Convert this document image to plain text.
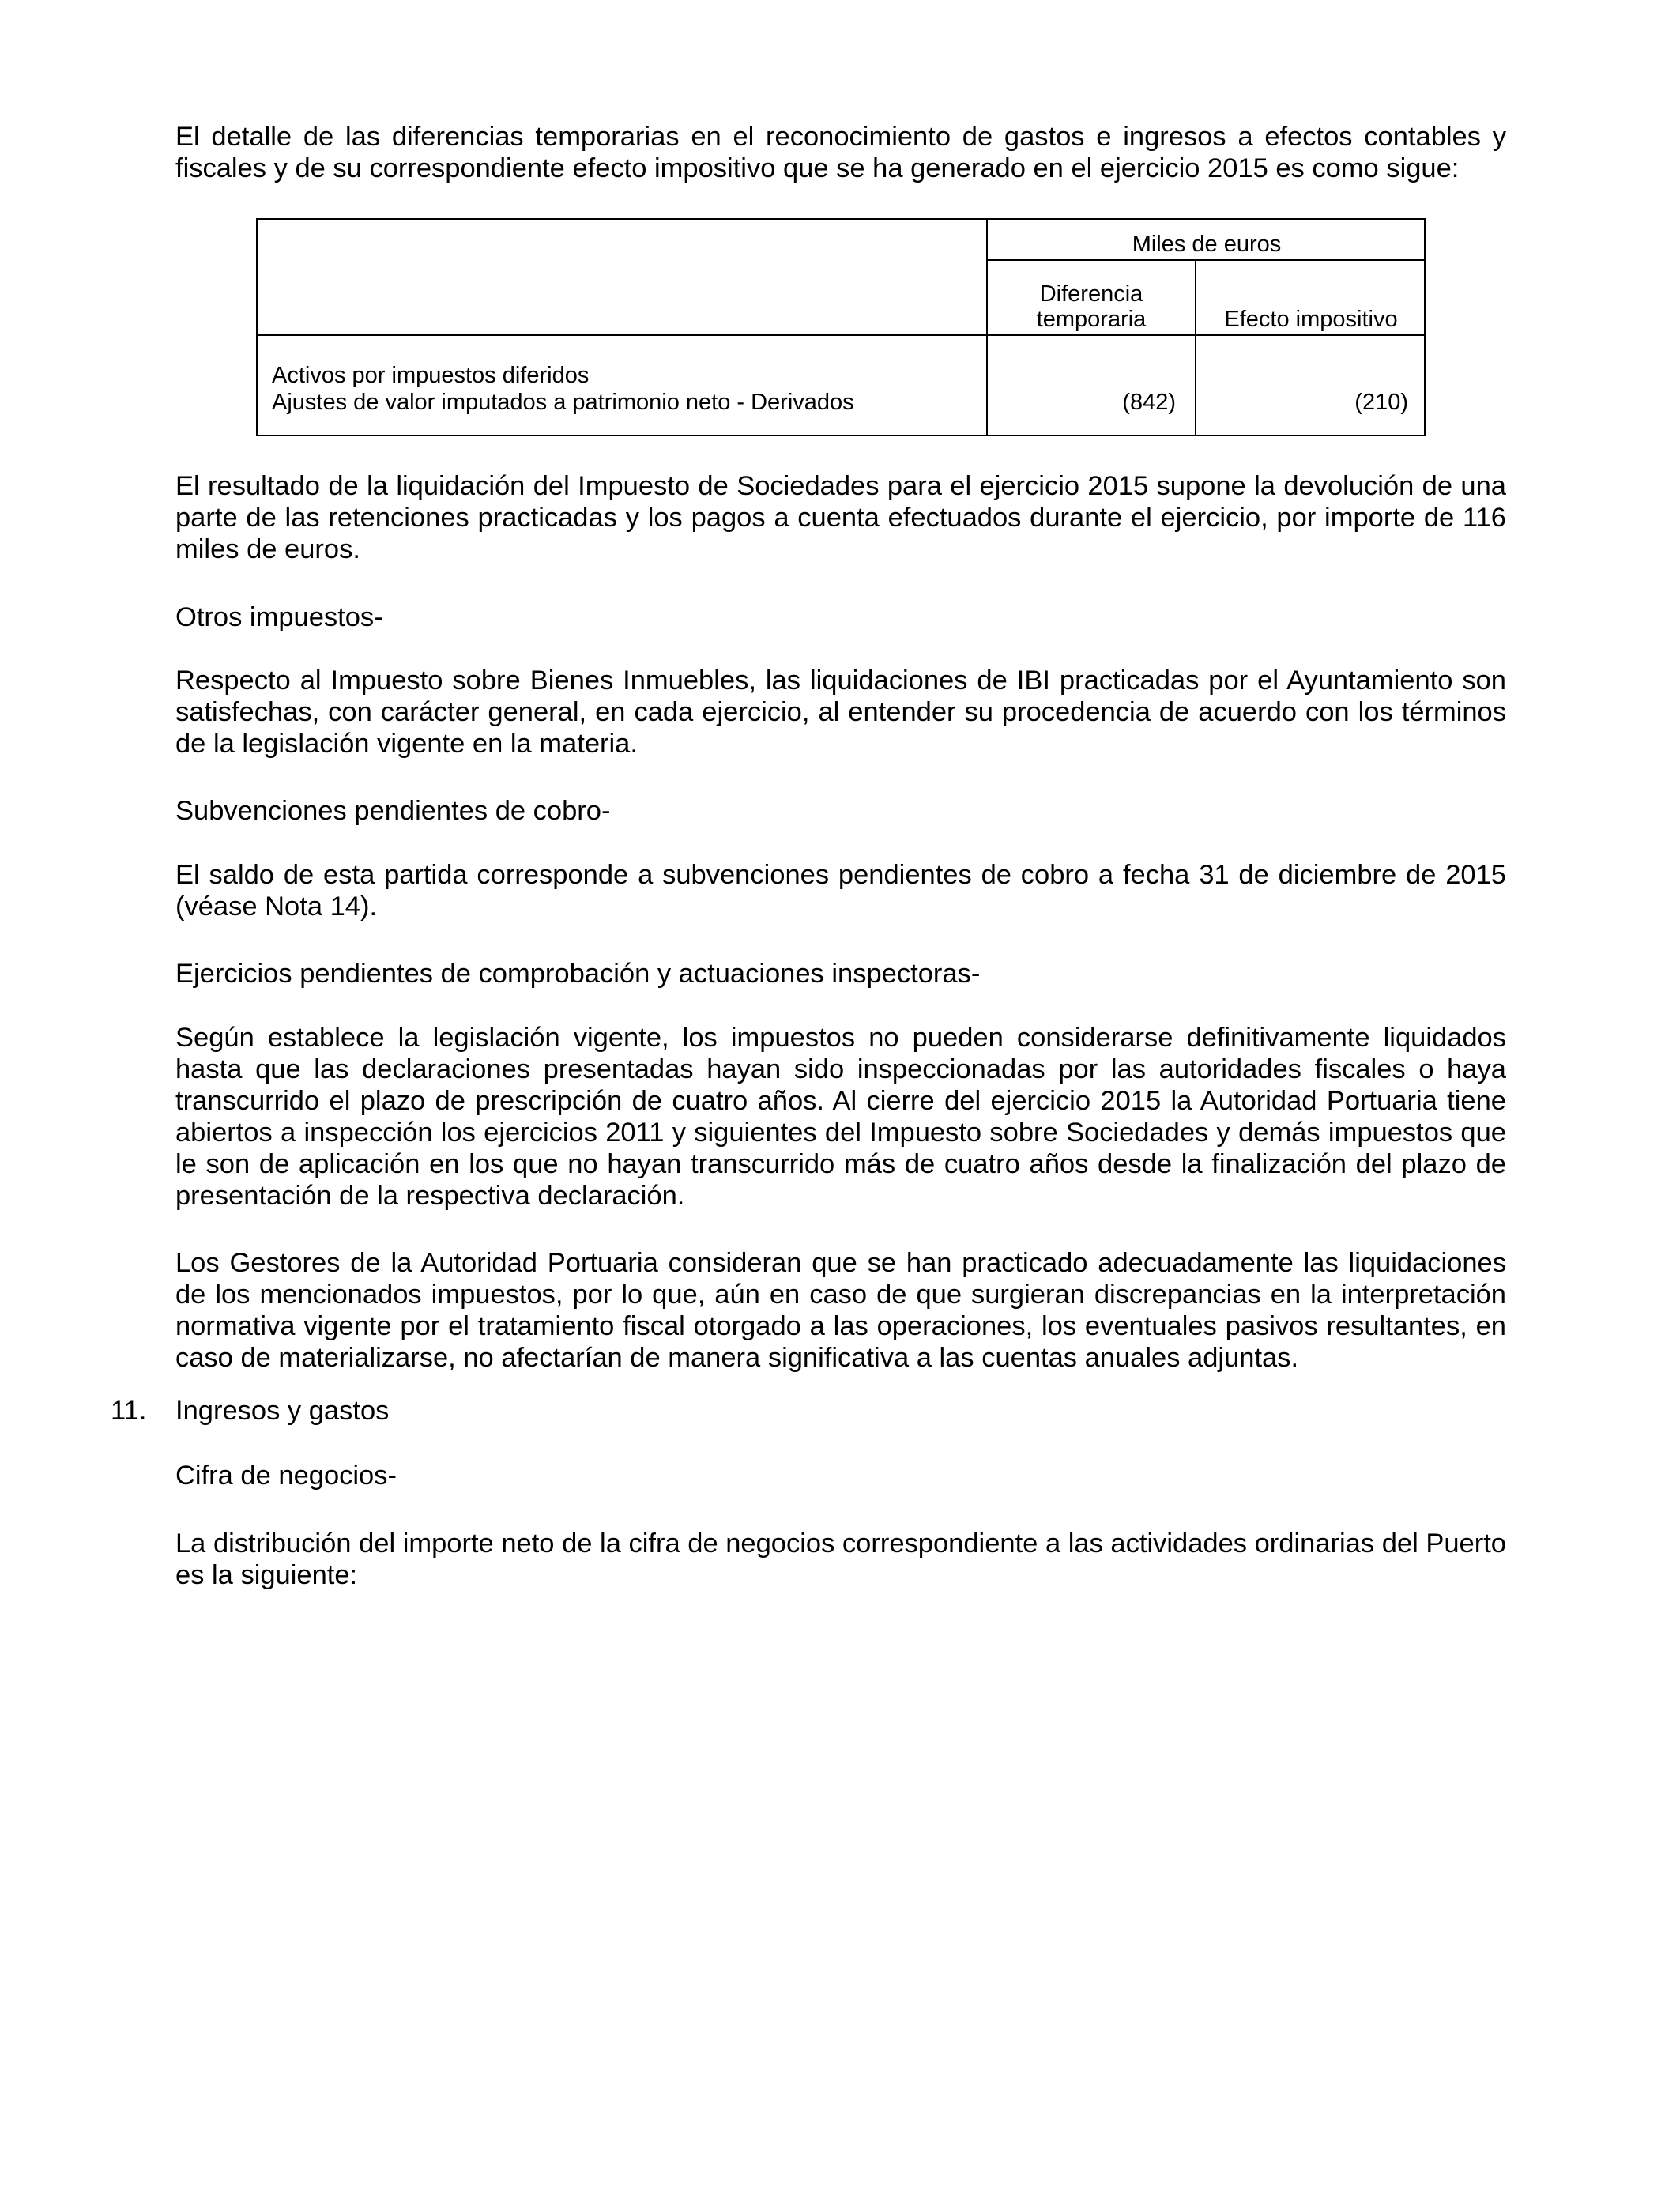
El detalle de las diferencias temporarias en el reconocimiento de gastos e ingresos a efectos contables y fiscales y de su correspondiente efecto impositivo que se ha generado en el ejercicio 2015 es como sigue:

Miles de euros
Diferencia
temporaria	Efecto impositivo
Activos por impuestos diferidos
Ajustes de valor imputados a patrimonio neto - Derivados	(842)	(210)

El resultado de la liquidación del Impuesto de Sociedades para el ejercicio 2015 supone la devolución de una parte de las retenciones practicadas y los pagos a cuenta efectuados durante el ejercicio, por importe de 116 miles de euros.

Otros impuestos-

Respecto al Impuesto sobre Bienes Inmuebles, las liquidaciones de IBI practicadas por el Ayuntamiento son satisfechas, con carácter general, en cada ejercicio, al entender su procedencia de acuerdo con los términos de la legislación vigente en la materia.

Subvenciones pendientes de cobro-

El saldo de esta partida corresponde a subvenciones pendientes de cobro a fecha 31 de diciembre de 2015 (véase Nota 14).

Ejercicios pendientes de comprobación y actuaciones inspectoras-

Según establece la legislación vigente, los impuestos no pueden considerarse definitivamente liquidados hasta que las declaraciones presentadas hayan sido inspeccionadas por las autoridades fiscales o haya transcurrido el plazo de prescripción de cuatro años. Al cierre del ejercicio 2015 la Autoridad Portuaria tiene abiertos a inspección los ejercicios 2011 y siguientes del Impuesto sobre Sociedades y demás impuestos que le son de aplicación en los que no hayan transcurrido más de cuatro años desde la finalización del plazo de presentación de la respectiva declaración.

Los Gestores de la Autoridad Portuaria consideran que se han practicado adecuadamente las liquidaciones de los mencionados impuestos, por lo que, aún en caso de que surgieran discrepancias en la interpretación normativa vigente por el tratamiento fiscal otorgado a las operaciones, los eventuales pasivos resultantes, en caso de materializarse, no afectarían de manera significativa a las cuentas anuales adjuntas.

11. Ingresos y gastos

Cifra de negocios-

La distribución del importe neto de la cifra de negocios correspondiente a las actividades ordinarias del Puerto es la siguiente:
